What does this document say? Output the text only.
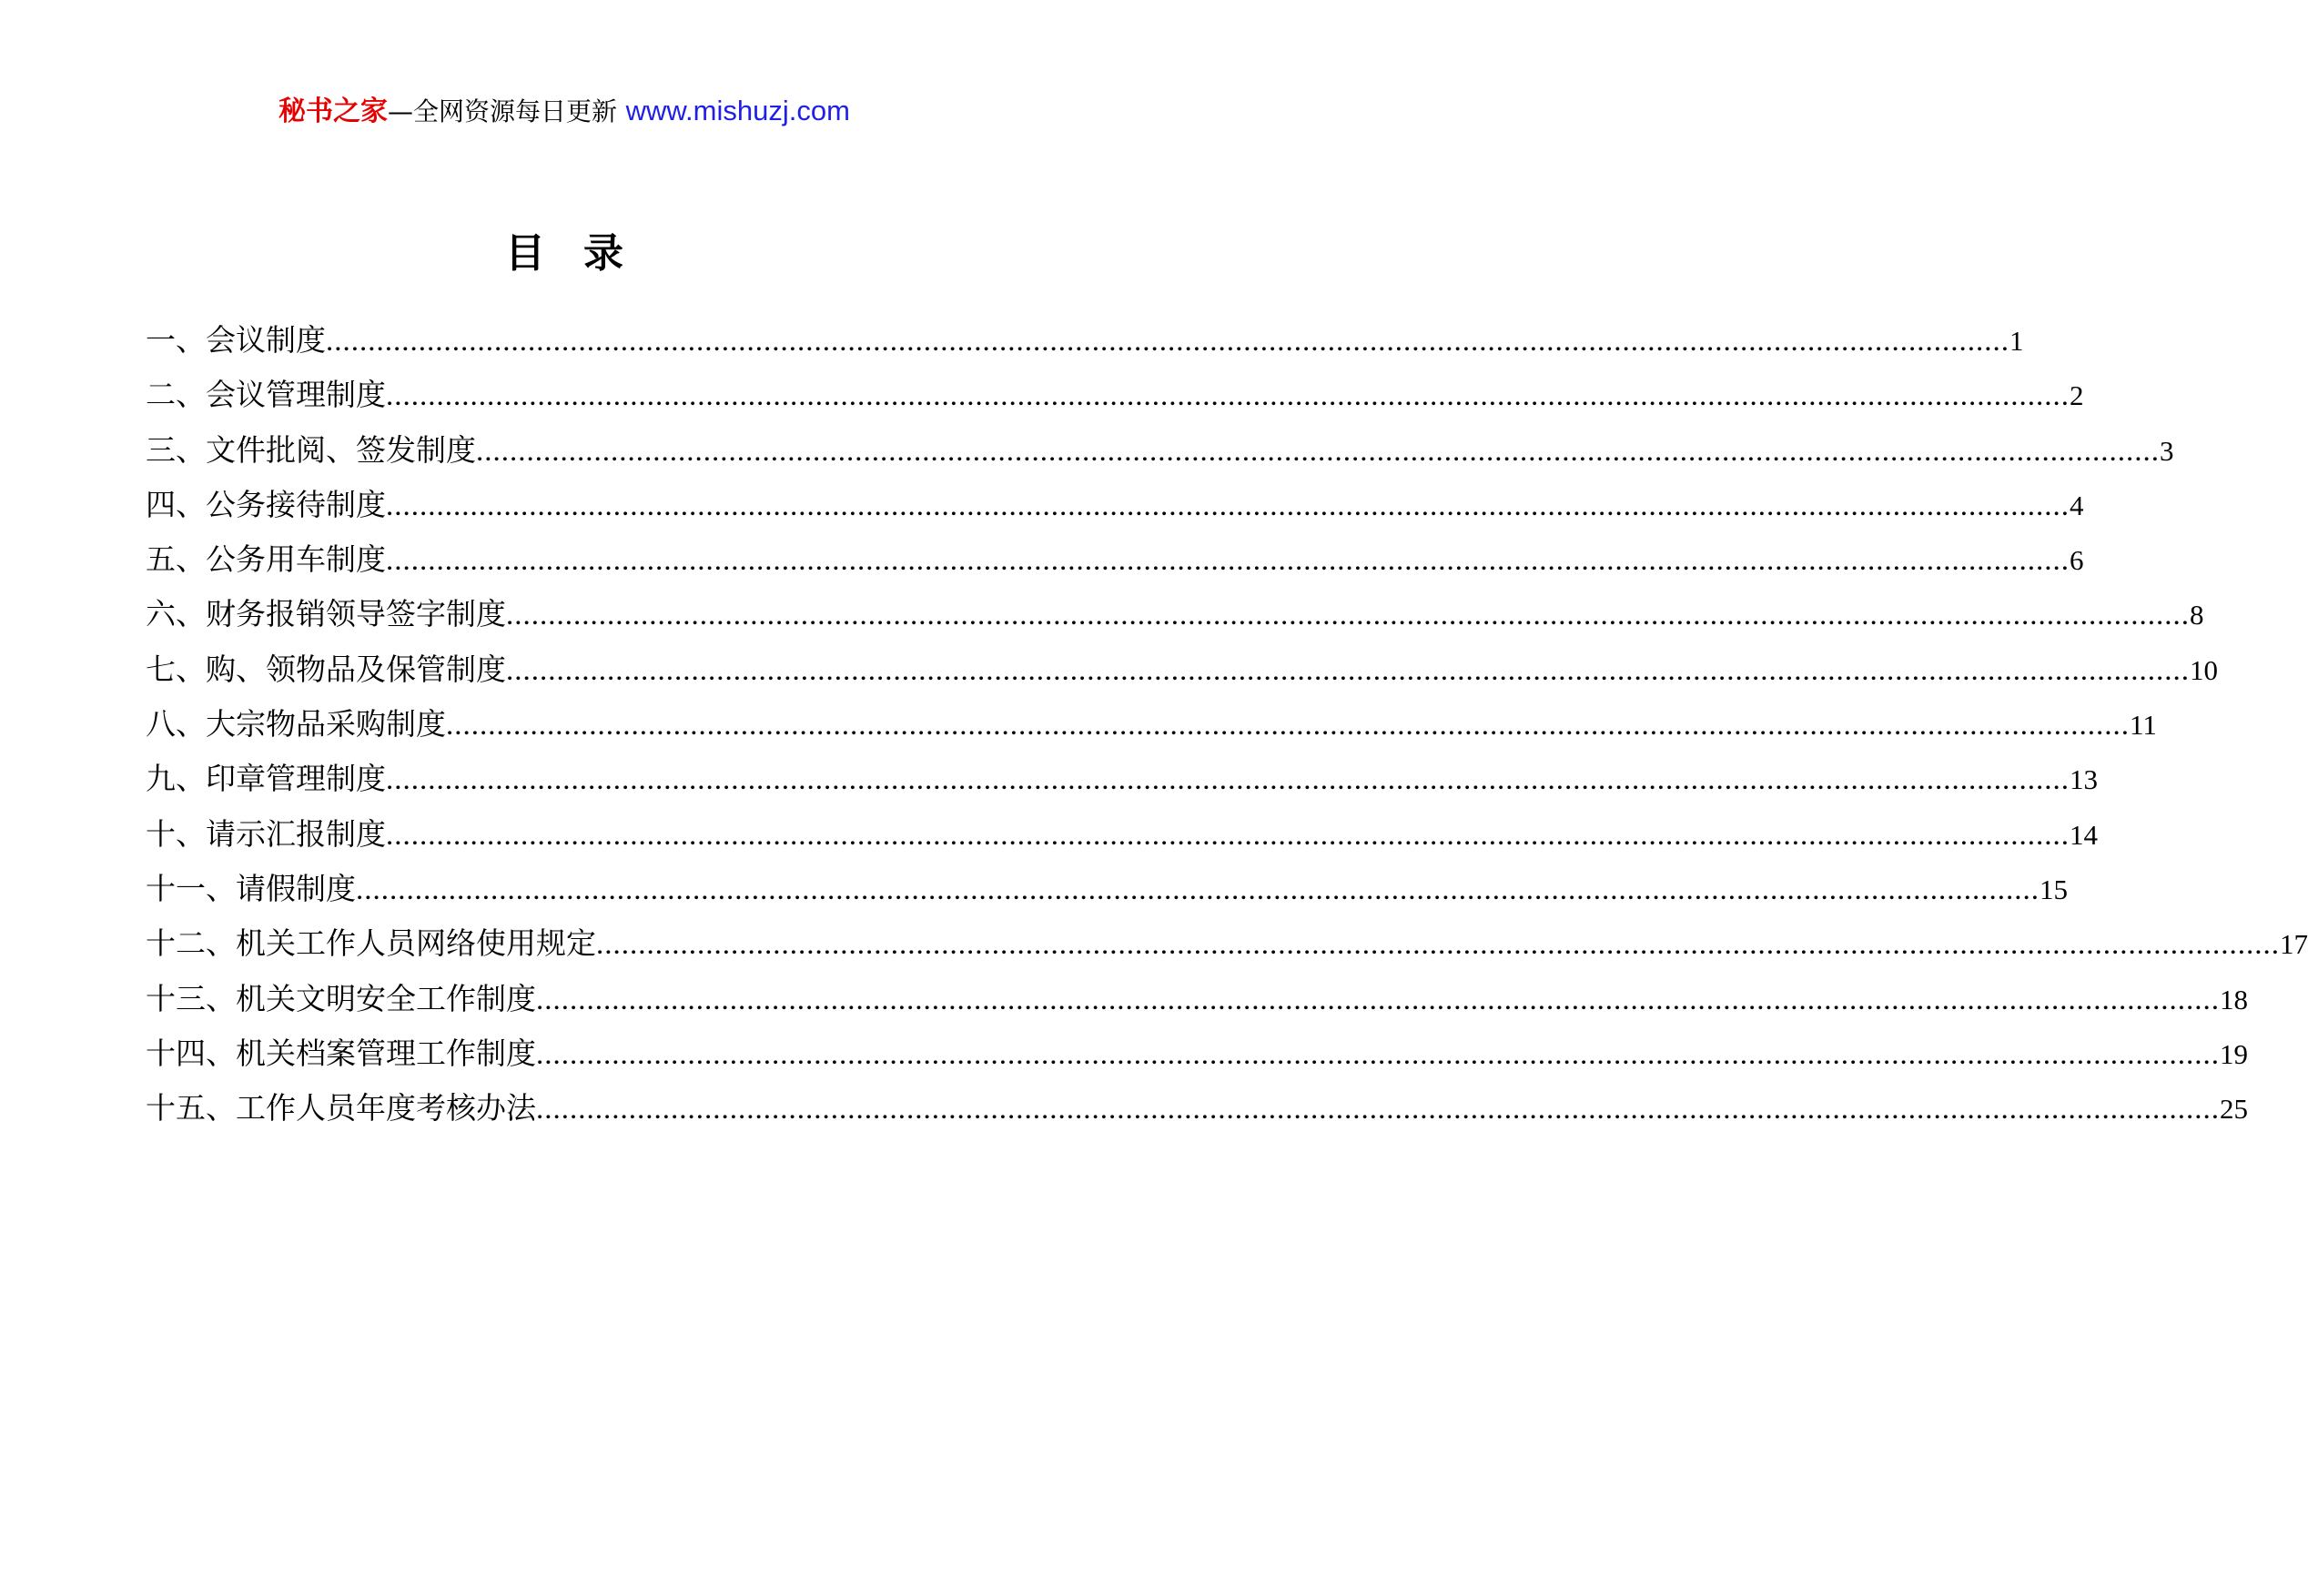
秘书之家—全网资源每日更新 www.mishuzj.com
目录
一、会议制度 ........................................................................................................................................................................................................ 1
二、会议管理制度 ........................................................................................................................................................................................................ 2
三、文件批阅、签发制度 ........................................................................................................................................................................................................ 3
四、公务接待制度 ........................................................................................................................................................................................................ 4
五、公务用车制度 ........................................................................................................................................................................................................ 6
六、财务报销领导签字制度 ........................................................................................................................................................................................................ 8
七、购、领物品及保管制度 ........................................................................................................................................................................................................ 10
八、大宗物品采购制度 ........................................................................................................................................................................................................ 11
九、印章管理制度 ........................................................................................................................................................................................................ 13
十、请示汇报制度 ........................................................................................................................................................................................................ 14
十一、请假制度 ........................................................................................................................................................................................................ 15
十二、机关工作人员网络使用规定 ........................................................................................................................................................................................................ 17
十三、机关文明安全工作制度 ........................................................................................................................................................................................................ 18
十四、机关档案管理工作制度 ........................................................................................................................................................................................................ 19
十五、工作人员年度考核办法 ........................................................................................................................................................................................................ 25
